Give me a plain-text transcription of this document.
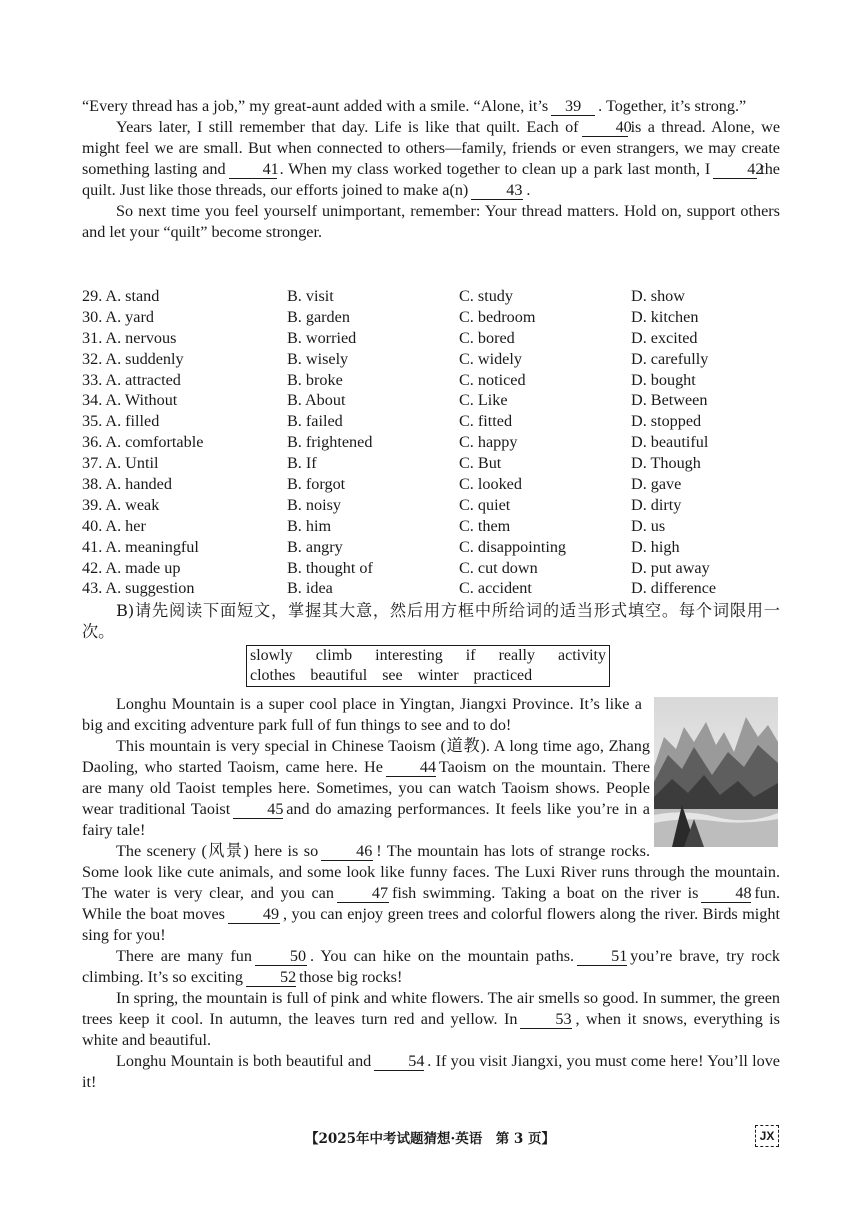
“Every thread has a job,” my great-aunt added with a smile. “Alone, it’s 39 . Together, it’s strong.”

Years later, I still remember that day. Life is like that quilt. Each of 40is a thread. Alone, we might feel we are small. But when connected to others—family, friends or even strangers, we may create something lasting and 41. When my class worked together to clean up a park last month, I 42the quilt. Just like those threads, our efforts joined to make a(n) 43 .

So next time you feel yourself unimportant, remember: Your thread matters. Hold on, support others and let your “quilt” become stronger.

29. A. stand	B. visit	C. study	D. show
30. A. yard	B. garden	C. bedroom	D. kitchen
31. A. nervous	B. worried	C. bored	D. excited
32. A. suddenly	B. wisely	C. widely	D. carefully
33. A. attracted	B. broke	C. noticed	D. bought
34. A. Without	B. About	C. Like	D. Between
35. A. filled	B. failed	C. fitted	D. stopped
36. A. comfortable	B. frightened	C. happy	D. beautiful
37. A. Until	B. If	C. But	D. Though
38. A. handed	B. forgot	C. looked	D. gave
39. A. weak	B. noisy	C. quiet	D. dirty
40. A. her	B. him	C. them	D. us
41. A. meaningful	B. angry	C. disappointing	D. high
42. A. made up	B. thought of	C. cut down	D. put away
43. A. suggestion	B. idea	C. accident	D. difference

B)请先阅读下面短文，掌握其大意，然后用方框中所给词的适当形式填空。每个词限用一次。

slowly climb interesting if really activity
clothes beautiful see winter practiced

Longhu Mountain is a super cool place in Yingtan, Jiangxi Province. It’s like a big and exciting adventure park full of fun things to see and to do!

This mountain is very special in Chinese Taoism (道教). A long time ago, Zhang Daoling, who started Taoism, came here. He 44 Taoism on the mountain. There are many old Taoist temples here. Sometimes, you can watch Taoism shows. People wear traditional Taoist 45 and do amazing performances. It feels like you’re in a fairy tale!

The scenery (风景) here is so 46 ! The mountain has lots of strange rocks. Some look like cute animals, and some look like funny faces. The Luxi River runs through the mountain. The water is very clear, and you can 47 fish swimming. Taking a boat on the river is 48 fun. While the boat moves 49 , you can enjoy green trees and colorful flowers along the river. Birds might sing for you!

There are many fun 50 . You can hike on the mountain paths. 51 you’re brave, try rock climbing. It’s so exciting 52 those big rocks!

In spring, the mountain is full of pink and white flowers. The air smells so good. In summer, the green trees keep it cool. In autumn, the leaves turn red and yellow. In 53 , when it snows, everything is white and beautiful.

Longhu Mountain is both beautiful and 54 . If you visit Jiangxi, you must come here! You’ll love it!

【2025年中考试题猜想·英语　第 3 页】	JX
